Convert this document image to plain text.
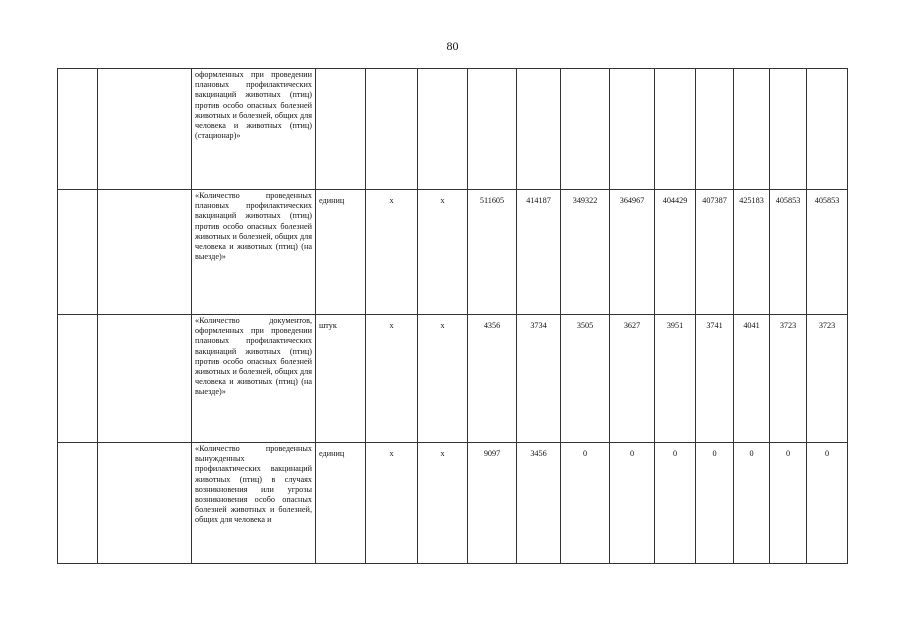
80
		оформленных при проведении плановых профилактических вакцинаций животных (птиц) против особо опасных болезней животных и болезней, общих для человека и животных (птиц) (стационар)»												
		«Количество проведенных плановых профилактических вакцинаций животных (птиц) против особо опасных болезней животных и болезней, общих для человека и животных (птиц) (на выезде)»	единиц	х	х	511605	414187	349322	364967	404429	407387	425183	405853	405853
		«Количество документов, оформленных при проведении плановых профилактических вакцинаций животных (птиц) против особо опасных болезней животных и болезней, общих для человека и животных (птиц) (на выезде)»	штук	х	х	4356	3734	3505	3627	3951	3741	4041	3723	3723
		«Количество проведенных вынужденных профилактических вакцинаций животных (птиц) в случаях возникновения или угрозы возникновения особо опасных болезней животных и болезней, общих для человека и	единиц	х	х	9097	3456	0	0	0	0	0	0	0
